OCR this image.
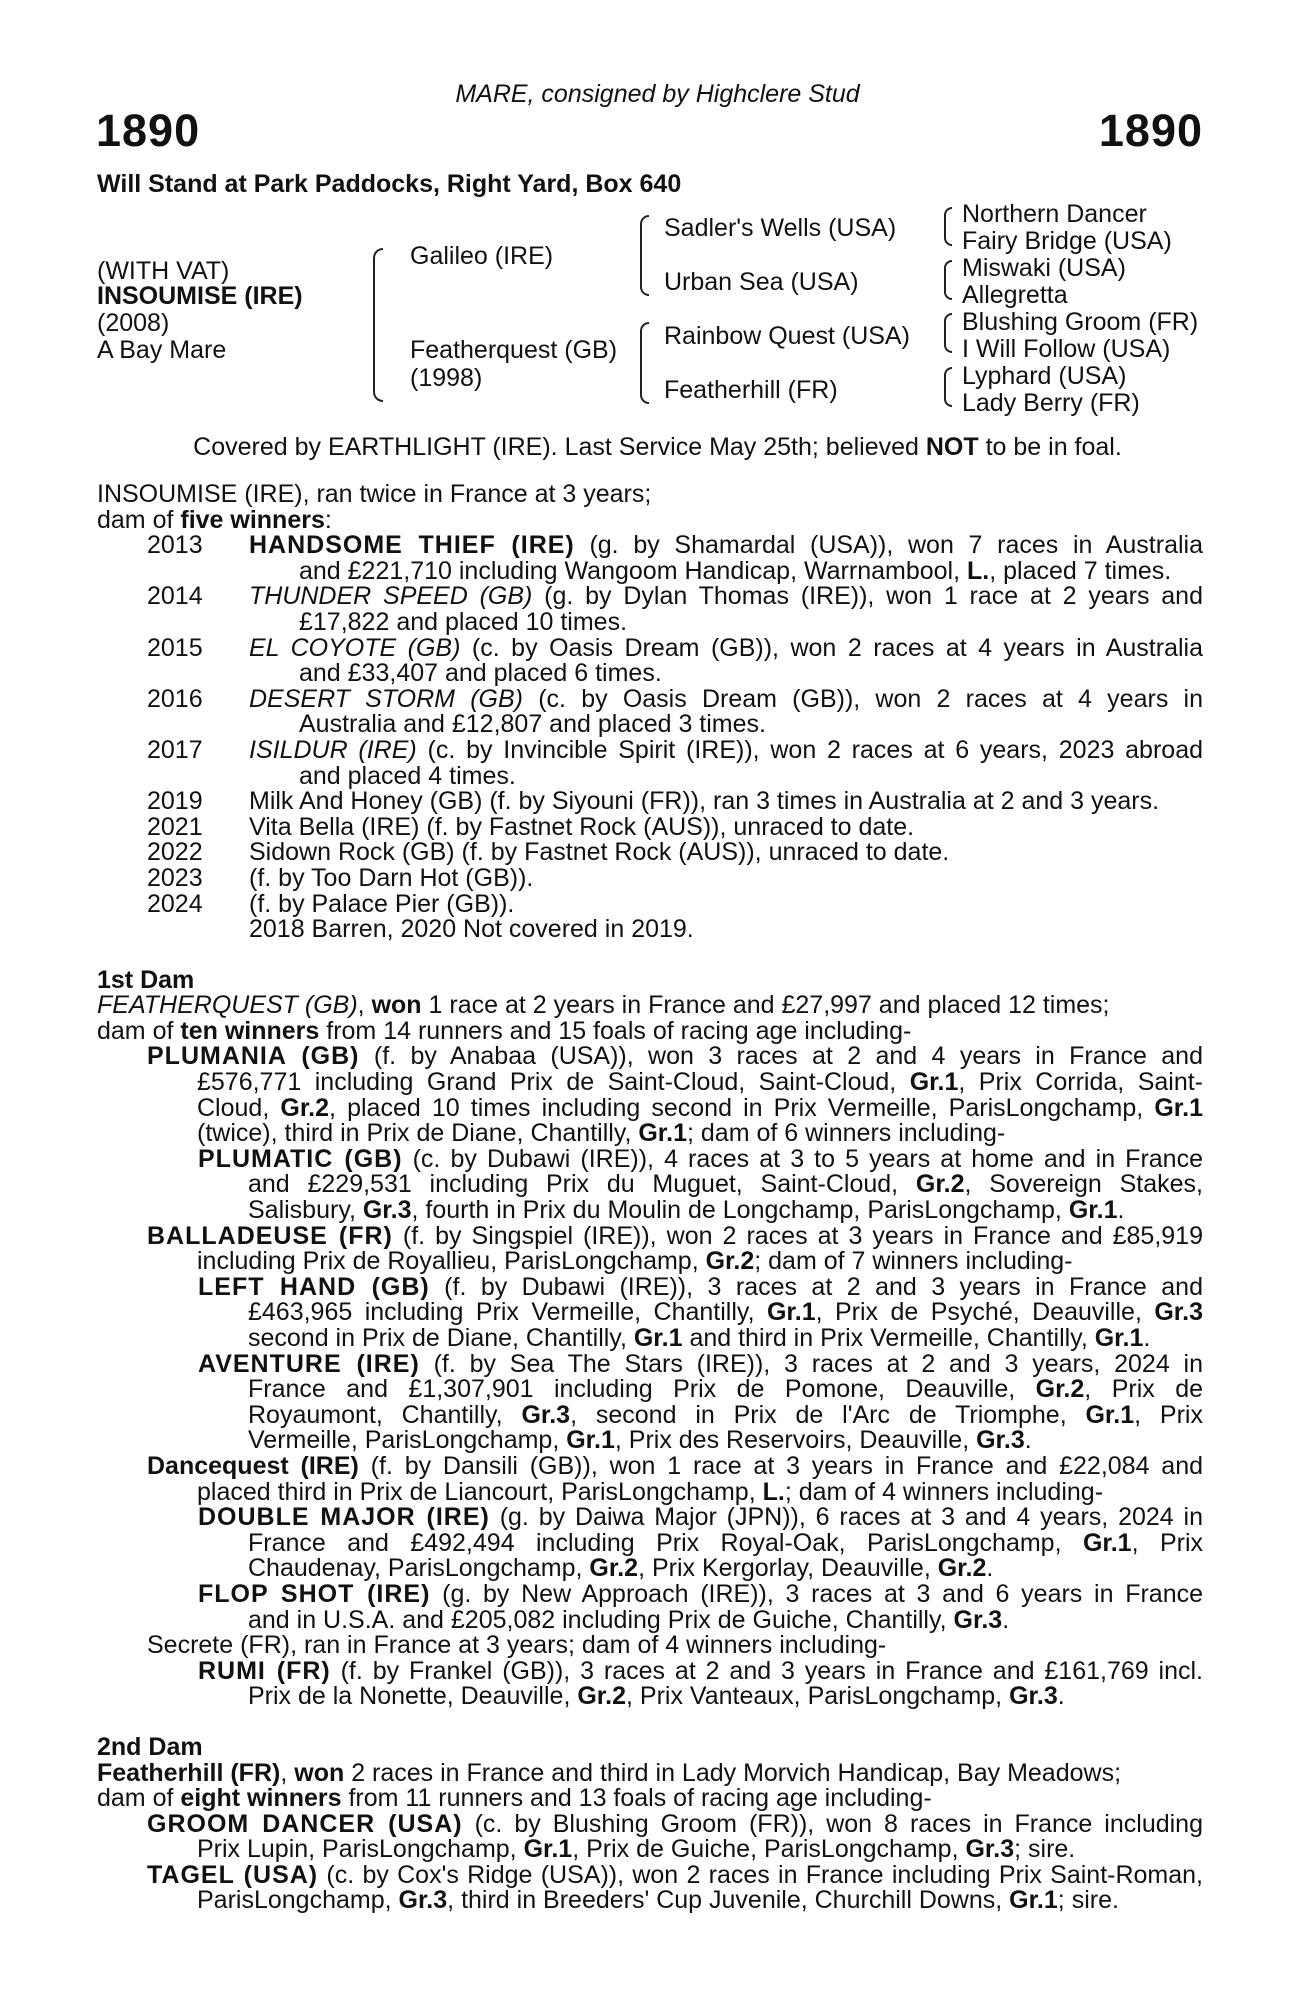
MARE, consigned by Highclere Stud

1890	1890

Will Stand at Park Paddocks, Right Yard, Box 640

(WITH VAT)

INSOUMISE (IRE)

(2008)

A Bay Mare

Galileo (IRE)

Featherquest (GB)

(1998)

Sadler's Wells (USA)

Urban Sea (USA)

Rainbow Quest (USA)

Featherhill (FR)

Northern Dancer

Fairy Bridge (USA)

Miswaki (USA)

Allegretta

Blushing Groom (FR)

I Will Follow (USA)

Lyphard (USA)

Lady Berry (FR)

Covered by EARTHLIGHT (IRE). Last Service May 25th; believed NOT to be in foal.

INSOUMISE (IRE), ran twice in France at 3 years;
dam of five winners:
2013	HANDSOME THIEF (IRE) (g. by Shamardal (USA)), won 7 races in Australia
and £221,710 including Wangoom Handicap, Warrnambool, L., placed 7 times.
2014	THUNDER SPEED (GB) (g. by Dylan Thomas (IRE)), won 1 race at 2 years and
£17,822 and placed 10 times.
2015	EL COYOTE (GB) (c. by Oasis Dream (GB)), won 2 races at 4 years in Australia
and £33,407 and placed 6 times.
2016	DESERT STORM (GB) (c. by Oasis Dream (GB)), won 2 races at 4 years in
Australia and £12,807 and placed 3 times.
2017	ISILDUR (IRE) (c. by Invincible Spirit (IRE)), won 2 races at 6 years, 2023 abroad
and placed 4 times.
2019	Milk And Honey (GB) (f. by Siyouni (FR)), ran 3 times in Australia at 2 and 3 years.
2021	Vita Bella (IRE) (f. by Fastnet Rock (AUS)), unraced to date.
2022	Sidown Rock (GB) (f. by Fastnet Rock (AUS)), unraced to date.
2023	(f. by Too Darn Hot (GB)).
2024	(f. by Palace Pier (GB)).
2018 Barren, 2020 Not covered in 2019.
1st Dam
FEATHERQUEST (GB), won 1 race at 2 years in France and £27,997 and placed 12 times;
dam of ten winners from 14 runners and 15 foals of racing age including-
PLUMANIA (GB) (f. by Anabaa (USA)), won 3 races at 2 and 4 years in France and
£576,771 including Grand Prix de Saint-Cloud, Saint-Cloud, Gr.1, Prix Corrida, Saint-
Cloud, Gr.2, placed 10 times including second in Prix Vermeille, ParisLongchamp, Gr.1
(twice), third in Prix de Diane, Chantilly, Gr.1; dam of 6 winners including-
PLUMATIC (GB) (c. by Dubawi (IRE)), 4 races at 3 to 5 years at home and in France
and £229,531 including Prix du Muguet, Saint-Cloud, Gr.2, Sovereign Stakes,
Salisbury, Gr.3, fourth in Prix du Moulin de Longchamp, ParisLongchamp, Gr.1.
BALLADEUSE (FR) (f. by Singspiel (IRE)), won 2 races at 3 years in France and £85,919
including Prix de Royallieu, ParisLongchamp, Gr.2; dam of 7 winners including-
LEFT HAND (GB) (f. by Dubawi (IRE)), 3 races at 2 and 3 years in France and
£463,965 including Prix Vermeille, Chantilly, Gr.1, Prix de Psyché, Deauville, Gr.3
second in Prix de Diane, Chantilly, Gr.1 and third in Prix Vermeille, Chantilly, Gr.1.
AVENTURE (IRE) (f. by Sea The Stars (IRE)), 3 races at 2 and 3 years, 2024 in
France and £1,307,901 including Prix de Pomone, Deauville, Gr.2, Prix de
Royaumont, Chantilly, Gr.3, second in Prix de l'Arc de Triomphe, Gr.1, Prix
Vermeille, ParisLongchamp, Gr.1, Prix des Reservoirs, Deauville, Gr.3.
Dancequest (IRE) (f. by Dansili (GB)), won 1 race at 3 years in France and £22,084 and
placed third in Prix de Liancourt, ParisLongchamp, L.; dam of 4 winners including-
DOUBLE MAJOR (IRE) (g. by Daiwa Major (JPN)), 6 races at 3 and 4 years, 2024 in
France and £492,494 including Prix Royal-Oak, ParisLongchamp, Gr.1, Prix
Chaudenay, ParisLongchamp, Gr.2, Prix Kergorlay, Deauville, Gr.2.
FLOP SHOT (IRE) (g. by New Approach (IRE)), 3 races at 3 and 6 years in France
and in U.S.A. and £205,082 including Prix de Guiche, Chantilly, Gr.3.
Secrete (FR), ran in France at 3 years; dam of 4 winners including-
RUMI (FR) (f. by Frankel (GB)), 3 races at 2 and 3 years in France and £161,769 incl.
Prix de la Nonette, Deauville, Gr.2, Prix Vanteaux, ParisLongchamp, Gr.3.
2nd Dam
Featherhill (FR), won 2 races in France and third in Lady Morvich Handicap, Bay Meadows;
dam of eight winners from 11 runners and 13 foals of racing age including-
GROOM DANCER (USA) (c. by Blushing Groom (FR)), won 8 races in France including
Prix Lupin, ParisLongchamp, Gr.1, Prix de Guiche, ParisLongchamp, Gr.3; sire.
TAGEL (USA) (c. by Cox's Ridge (USA)), won 2 races in France including Prix Saint-Roman,
ParisLongchamp, Gr.3, third in Breeders' Cup Juvenile, Churchill Downs, Gr.1; sire.
